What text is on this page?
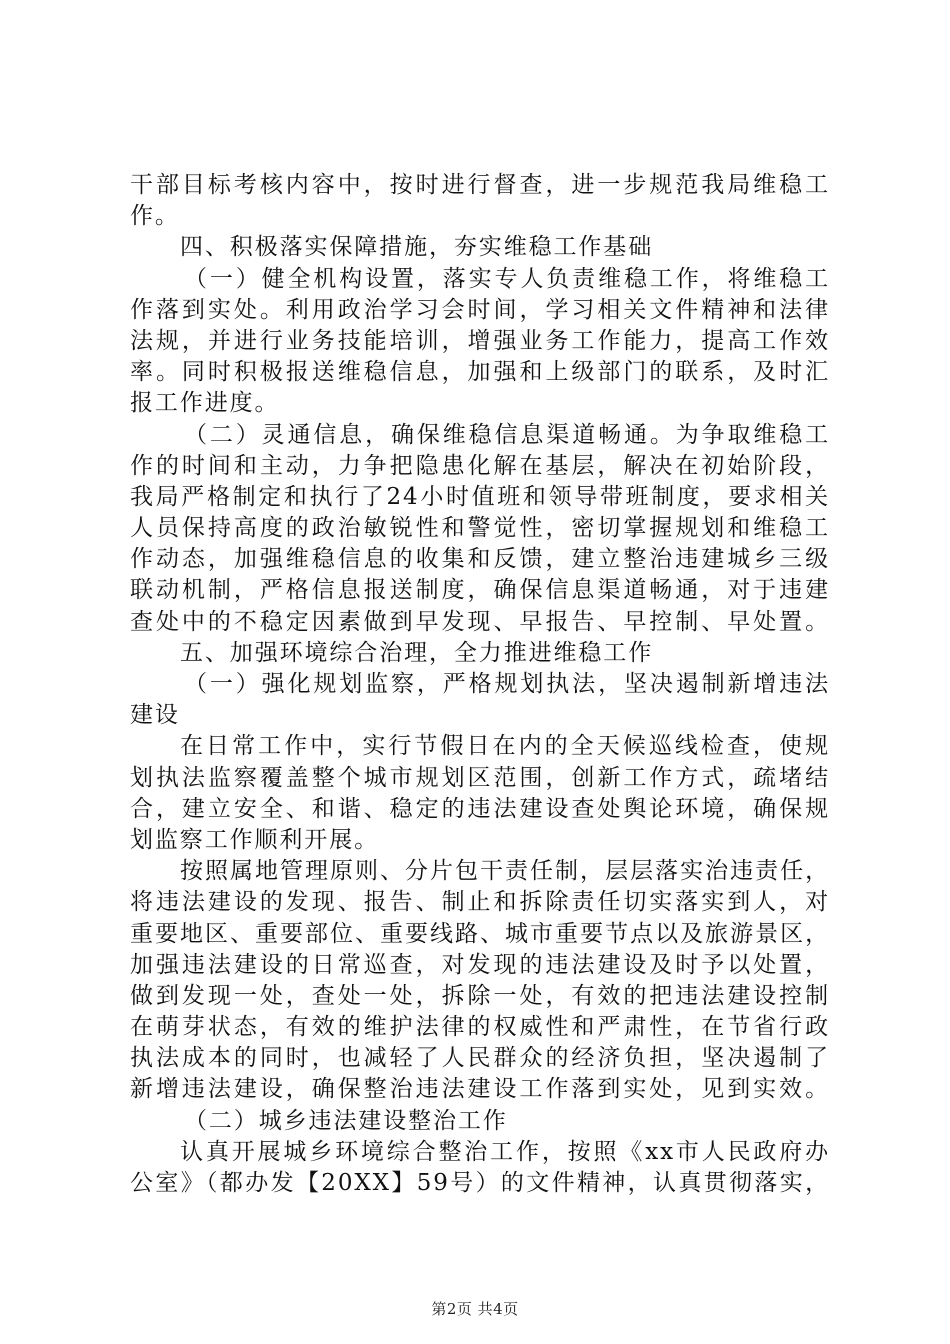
干部目标考核内容中，按时进行督查，进一步规范我局维稳工
作。
四、积极落实保障措施，夯实维稳工作基础
（一）健全机构设置，落实专人负责维稳工作，将维稳工
作落到实处。利用政治学习会时间，学习相关文件精神和法律
法规，并进行业务技能培训，增强业务工作能力，提高工作效
率。同时积极报送维稳信息，加强和上级部门的联系，及时汇
报工作进度。
（二）灵通信息，确保维稳信息渠道畅通。为争取维稳工
作的时间和主动，力争把隐患化解在基层，解决在初始阶段，
我局严格制定和执行了24小时值班和领导带班制度，要求相关
人员保持高度的政治敏锐性和警觉性，密切掌握规划和维稳工
作动态，加强维稳信息的收集和反馈，建立整治违建城乡三级
联动机制，严格信息报送制度，确保信息渠道畅通，对于违建
查处中的不稳定因素做到早发现、早报告、早控制、早处置。
五、加强环境综合治理，全力推进维稳工作
（一）强化规划监察，严格规划执法，坚决遏制新增违法
建设
在日常工作中，实行节假日在内的全天候巡线检查，使规
划执法监察覆盖整个城市规划区范围，创新工作方式，疏堵结
合，建立安全、和谐、稳定的违法建设查处舆论环境，确保规
划监察工作顺利开展。
按照属地管理原则、分片包干责任制，层层落实治违责任，
将违法建设的发现、报告、制止和拆除责任切实落实到人，对
重要地区、重要部位、重要线路、城市重要节点以及旅游景区，
加强违法建设的日常巡查，对发现的违法建设及时予以处置，
做到发现一处，查处一处，拆除一处，有效的把违法建设控制
在萌芽状态，有效的维护法律的权威性和严肃性，在节省行政
执法成本的同时，也减轻了人民群众的经济负担，坚决遏制了
新增违法建设，确保整治违法建设工作落到实处，见到实效。
（二）城乡违法建设整治工作
认真开展城乡环境综合整治工作，按照《xx市人民政府办
公室》（都办发【20XX】59号）的文件精神，认真贯彻落实，
第2页 共4页
